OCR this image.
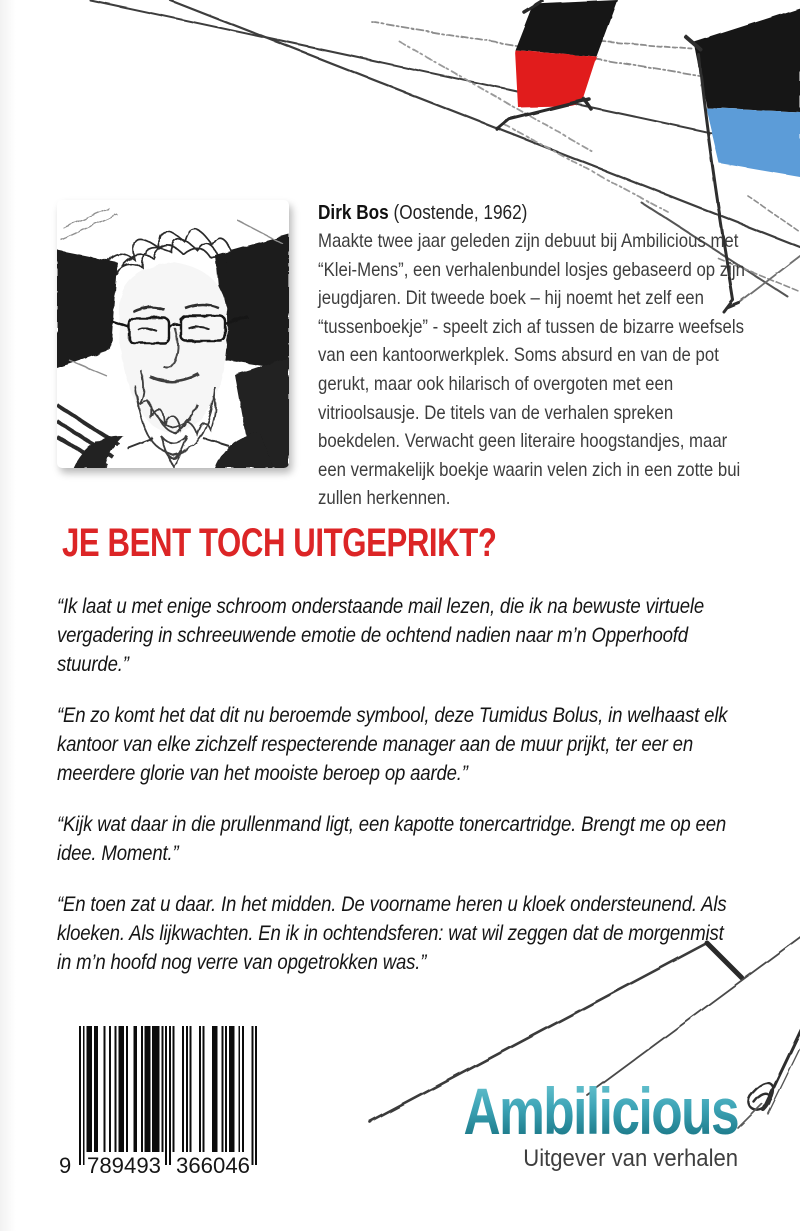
Dirk Bos (Oostende, 1962)

Maakte twee jaar geleden zijn debuut bij Ambilicious met “Klei-Mens”, een verhalenbundel losjes gebaseerd op zijn jeugdjaren. Dit tweede boek – hij noemt het zelf een “tussenboekje” - speelt zich af tussen de bizarre weefsels van een kantoorwerkplek. Soms absurd en van de pot gerukt, maar ook hilarisch of overgoten met een vitrioolsausje. De titels van de verhalen spreken boekdelen. Verwacht geen literaire hoogstandjes, maar een vermakelijk boekje waarin velen zich in een zotte bui zullen herkennen.

JE BENT TOCH UITGEPRIKT?

“Ik laat u met enige schroom onderstaande mail lezen, die ik na bewuste virtuele vergadering in schreeuwende emotie de ochtend nadien naar m’n Opperhoofd stuurde.”

“En zo komt het dat dit nu beroemde symbool, deze Tumidus Bolus, in welhaast elk kantoor van elke zichzelf respecterende manager aan de muur prijkt, ter eer en meerdere glorie van het mooiste beroep op aarde.”

“Kijk wat daar in die prullenmand ligt, een kapotte tonercartridge. Brengt me op een idee. Moment.”

“En toen zat u daar. In het midden. De voorname heren u kloek ondersteunend. Als kloeken. Als lijkwachten. En ik in ochtendsferen: wat wil zeggen dat de morgenmist in m’n hoofd nog verre van opgetrokken was.”

9 789493 366046
Ambilicious
Uitgever van verhalen
